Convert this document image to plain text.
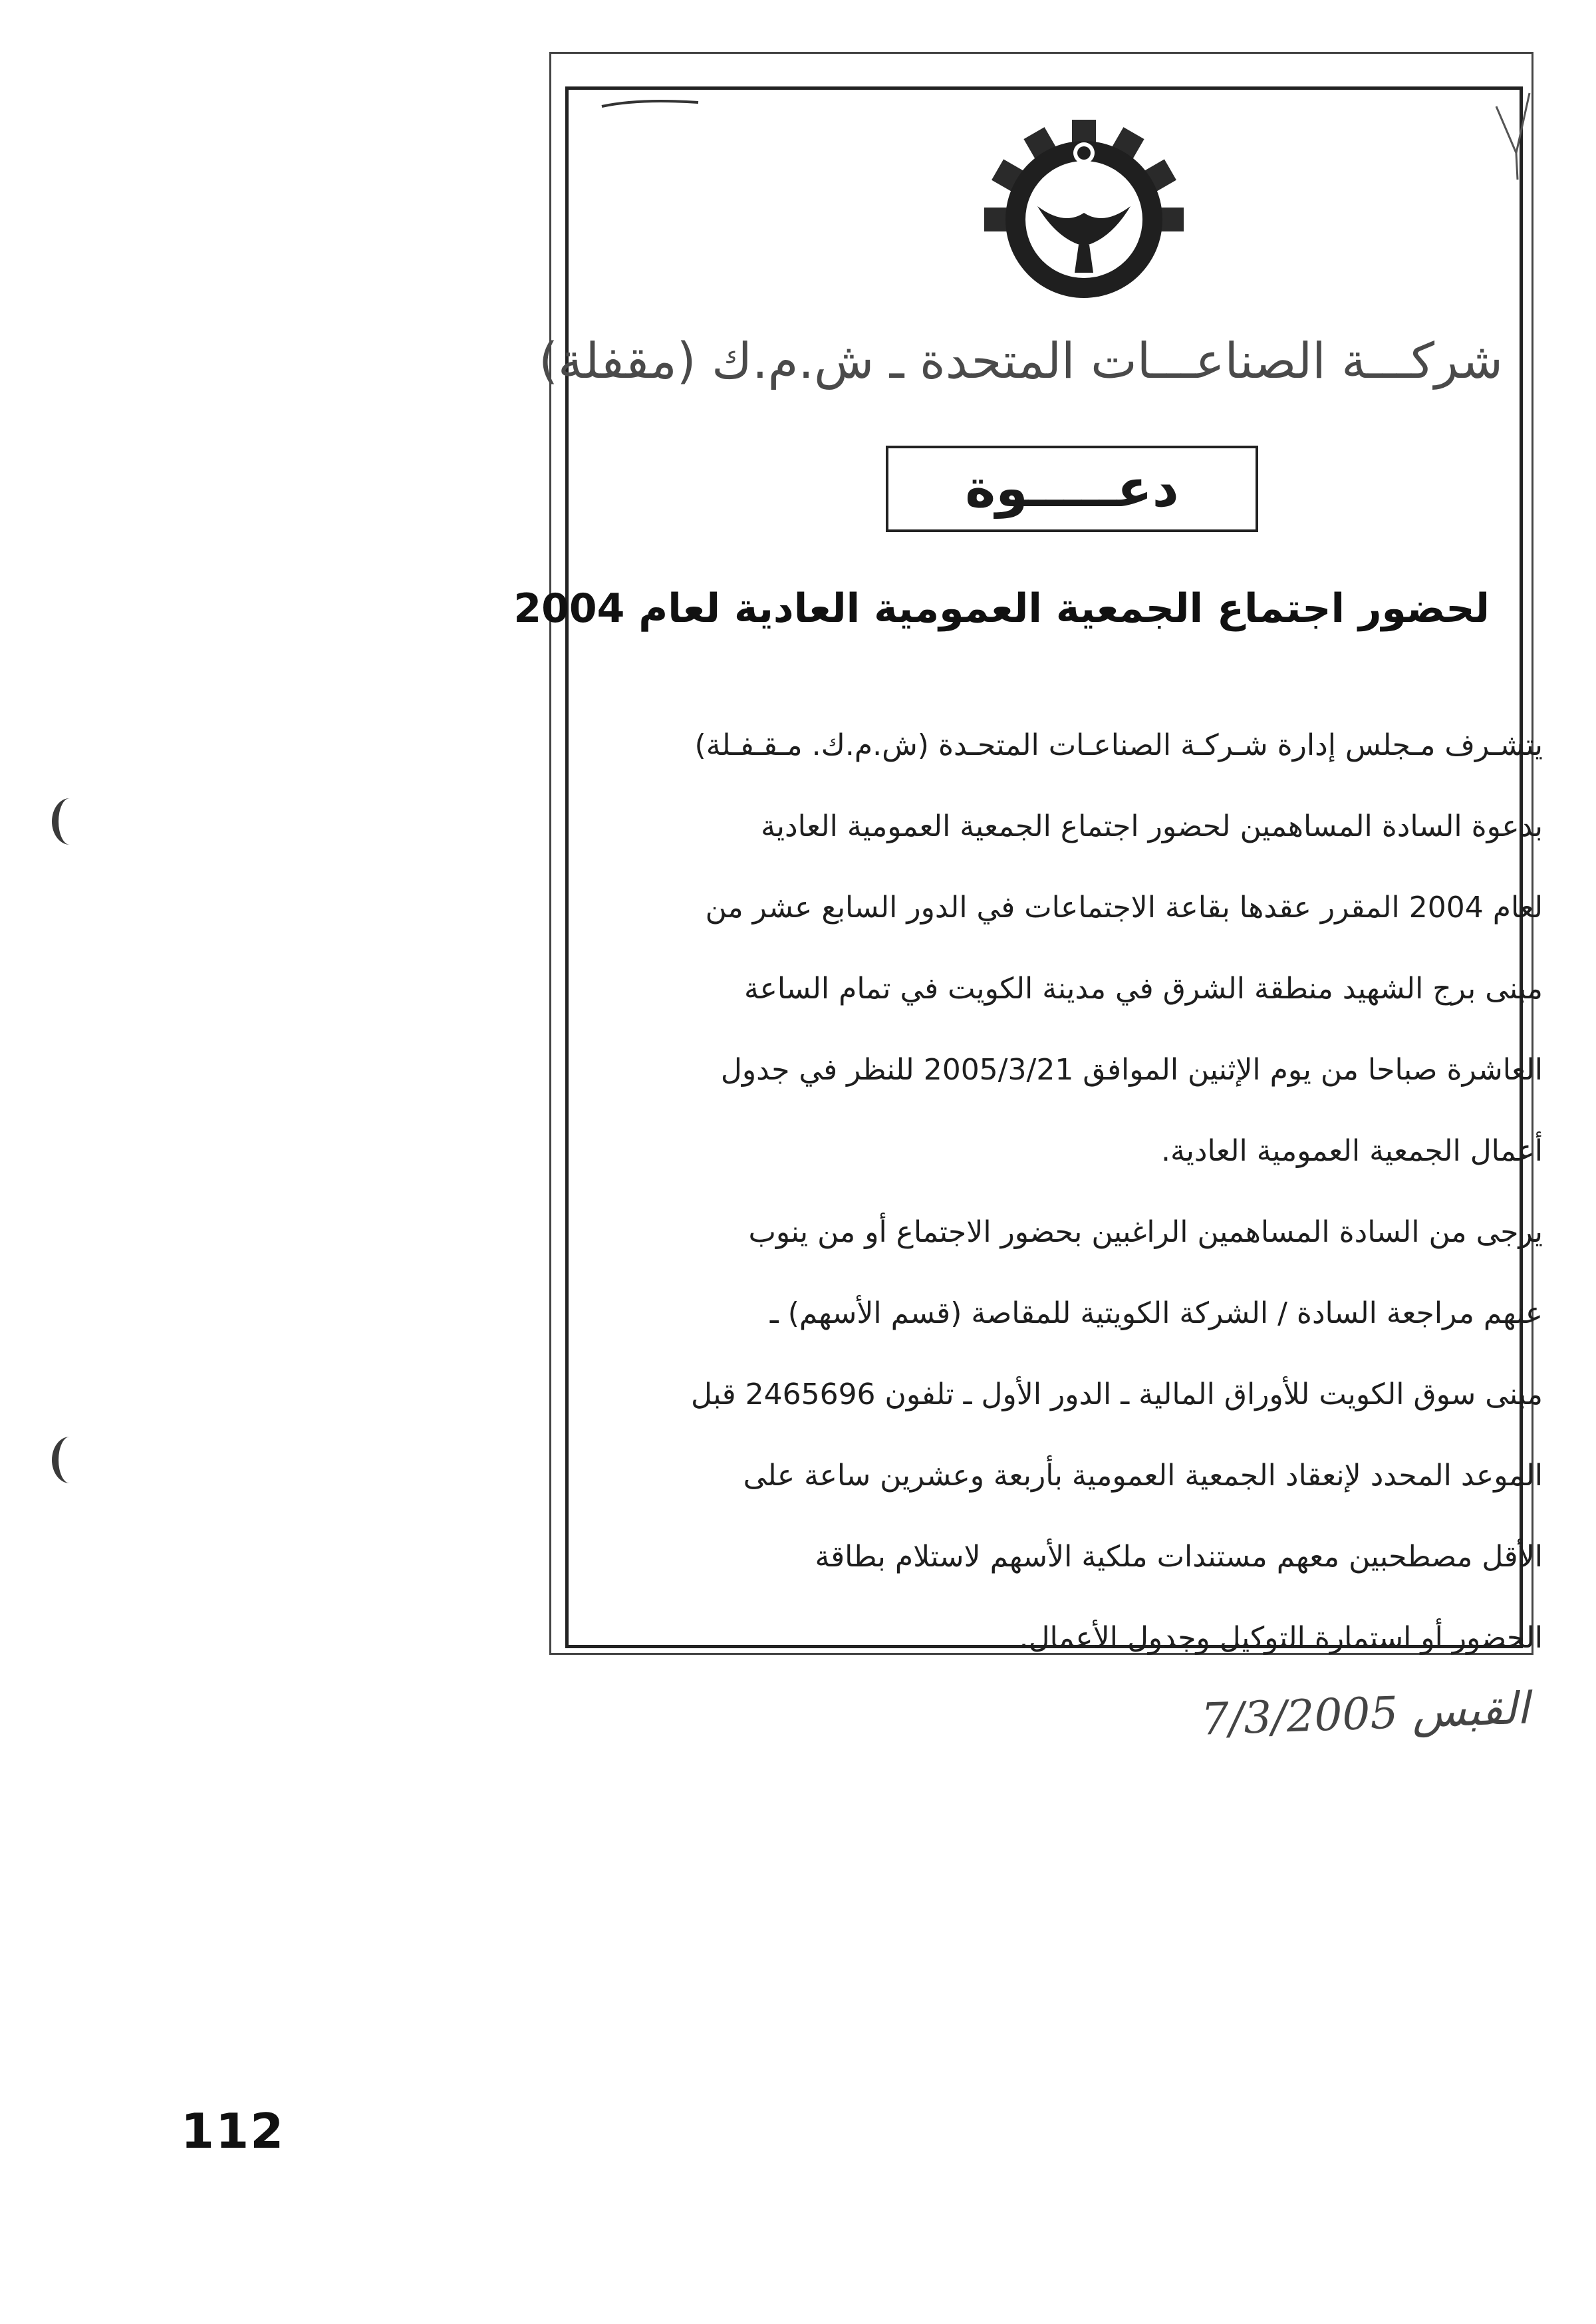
شركـــة الصناعـــات المتحدة ـ ش.م.ك (مقفلة)
دعـــــوة
لحضور اجتماع الجمعية العمومية العادية لعام 2004
يتشـرف مـجلس إدارة شـركـة الصناعـات المتحـدة (ش.م.ك. مـقـفـلة)
بدعوة السادة المساهمين لحضور اجتماع الجمعية العمومية العادية
لعام 2004 المقرر عقدها بقاعة الاجتماعات في الدور السابع عشر من
مبنى برج الشهيد منطقة الشرق في مدينة الكويت في تمام الساعة
العاشرة صباحا من يوم الإثنين الموافق 2005/3/21 للنظر في جدول
أعمال الجمعية العمومية العادية.
يرجى من السادة المساهمين الراغبين بحضور الاجتماع أو من ينوب
عنهم مراجعة السادة / الشركة الكويتية للمقاصة (قسم الأسهم) ـ
مبنى سوق الكويت للأوراق المالية ـ الدور الأول ـ تلفون 2465696 قبل
الموعد المحدد لإنعقاد الجمعية العمومية بأربعة وعشرين ساعة على
الأقل مصطحبين معهم مستندات ملكية الأسهم لاستلام بطاقة
الحضور أو استمارة التوكيل وجدول الأعمال.
القبس 7/3/2005
112
